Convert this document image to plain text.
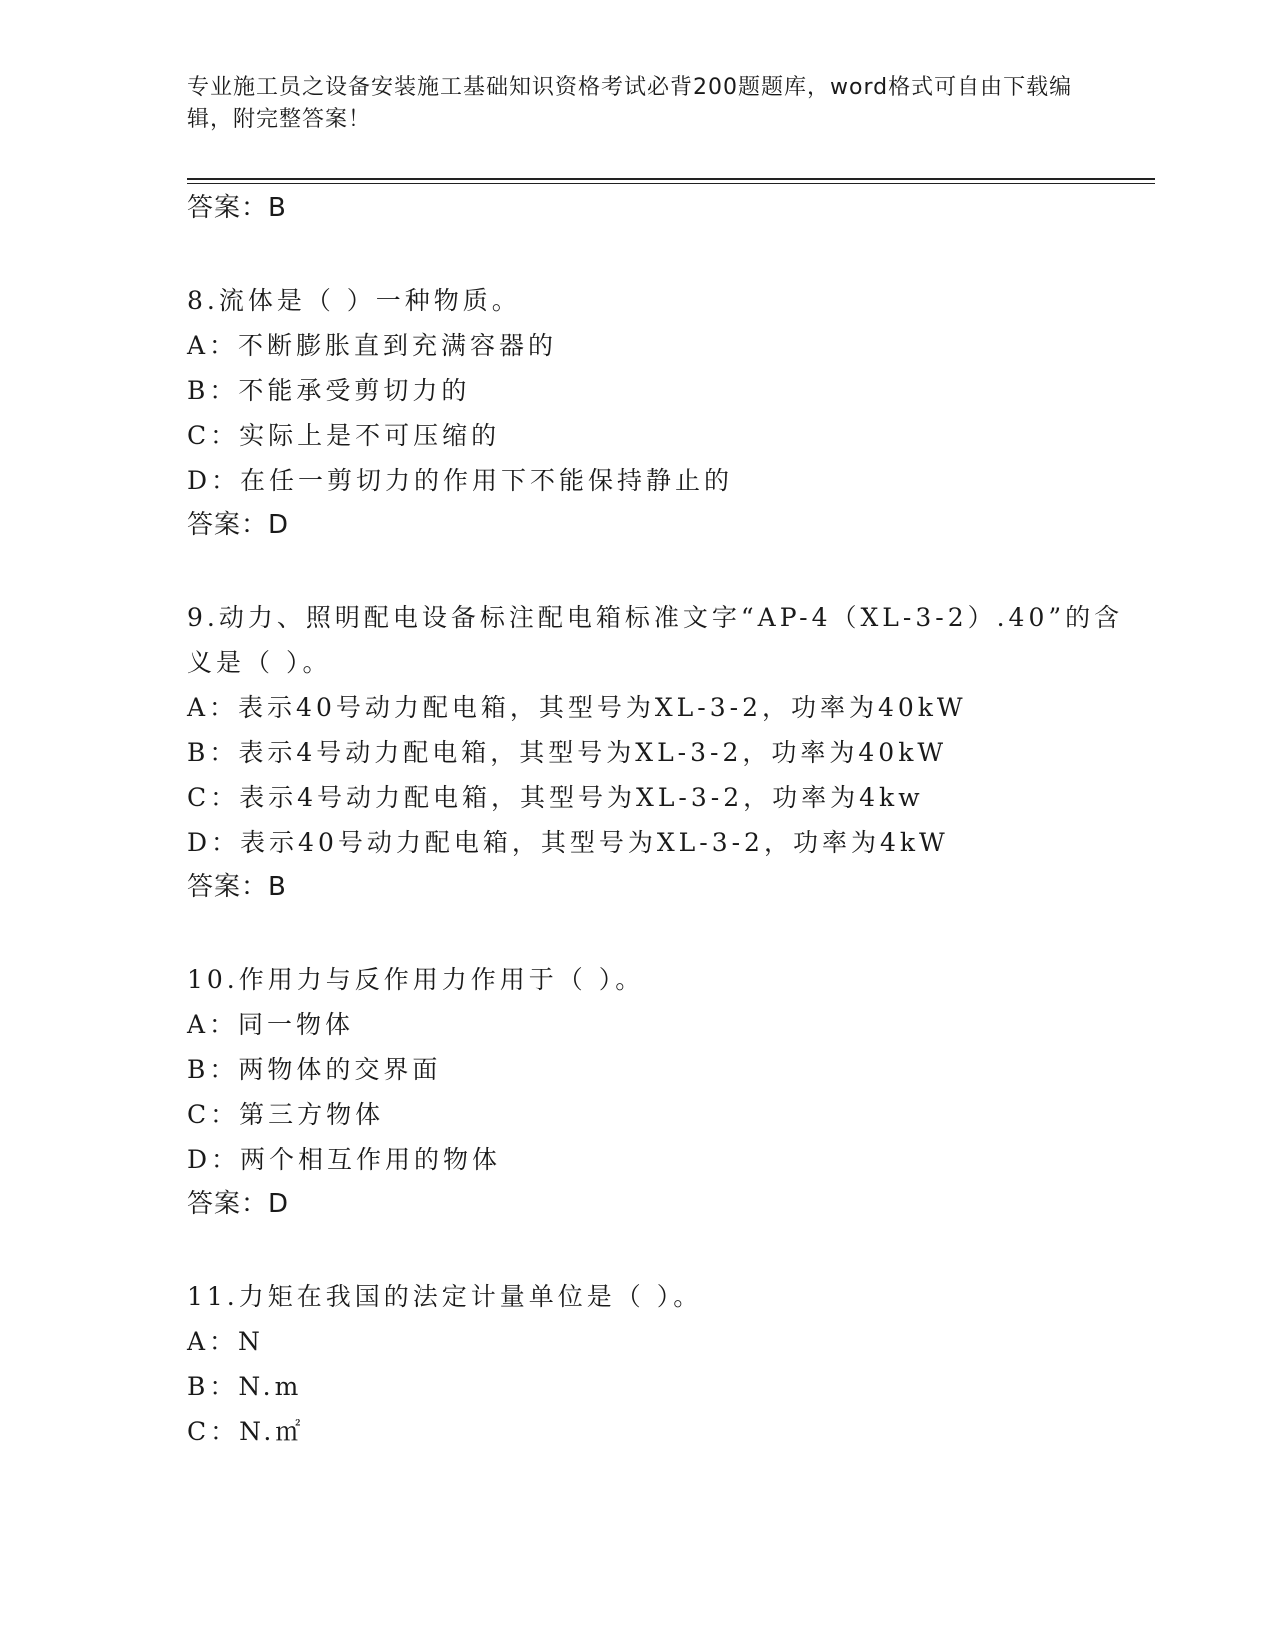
专业施工员之设备安装施工基础知识资格考试必背200题题库，word格式可自由下载编辑，附完整答案！
答案：B
8.流体是（ ）一种物质。
A：不断膨胀直到充满容器的
B：不能承受剪切力的
C：实际上是不可压缩的
D：在任一剪切力的作用下不能保持静止的
答案：D
9.动力、照明配电设备标注配电箱标准文字“AP-4（XL-3-2）.40”的含义是（ ）。
A：表示40号动力配电箱，其型号为XL-3-2，功率为40kW
B：表示4号动力配电箱，其型号为XL-3-2，功率为40kW
C：表示4号动力配电箱，其型号为XL-3-2，功率为4kw
D：表示40号动力配电箱，其型号为XL-3-2，功率为4kW
答案：B
10.作用力与反作用力作用于（ ）。
A：同一物体
B：两物体的交界面
C：第三方物体
D：两个相互作用的物体
答案：D
11.力矩在我国的法定计量单位是（ ）。
A：N
B：N.m
C：N.㎡
